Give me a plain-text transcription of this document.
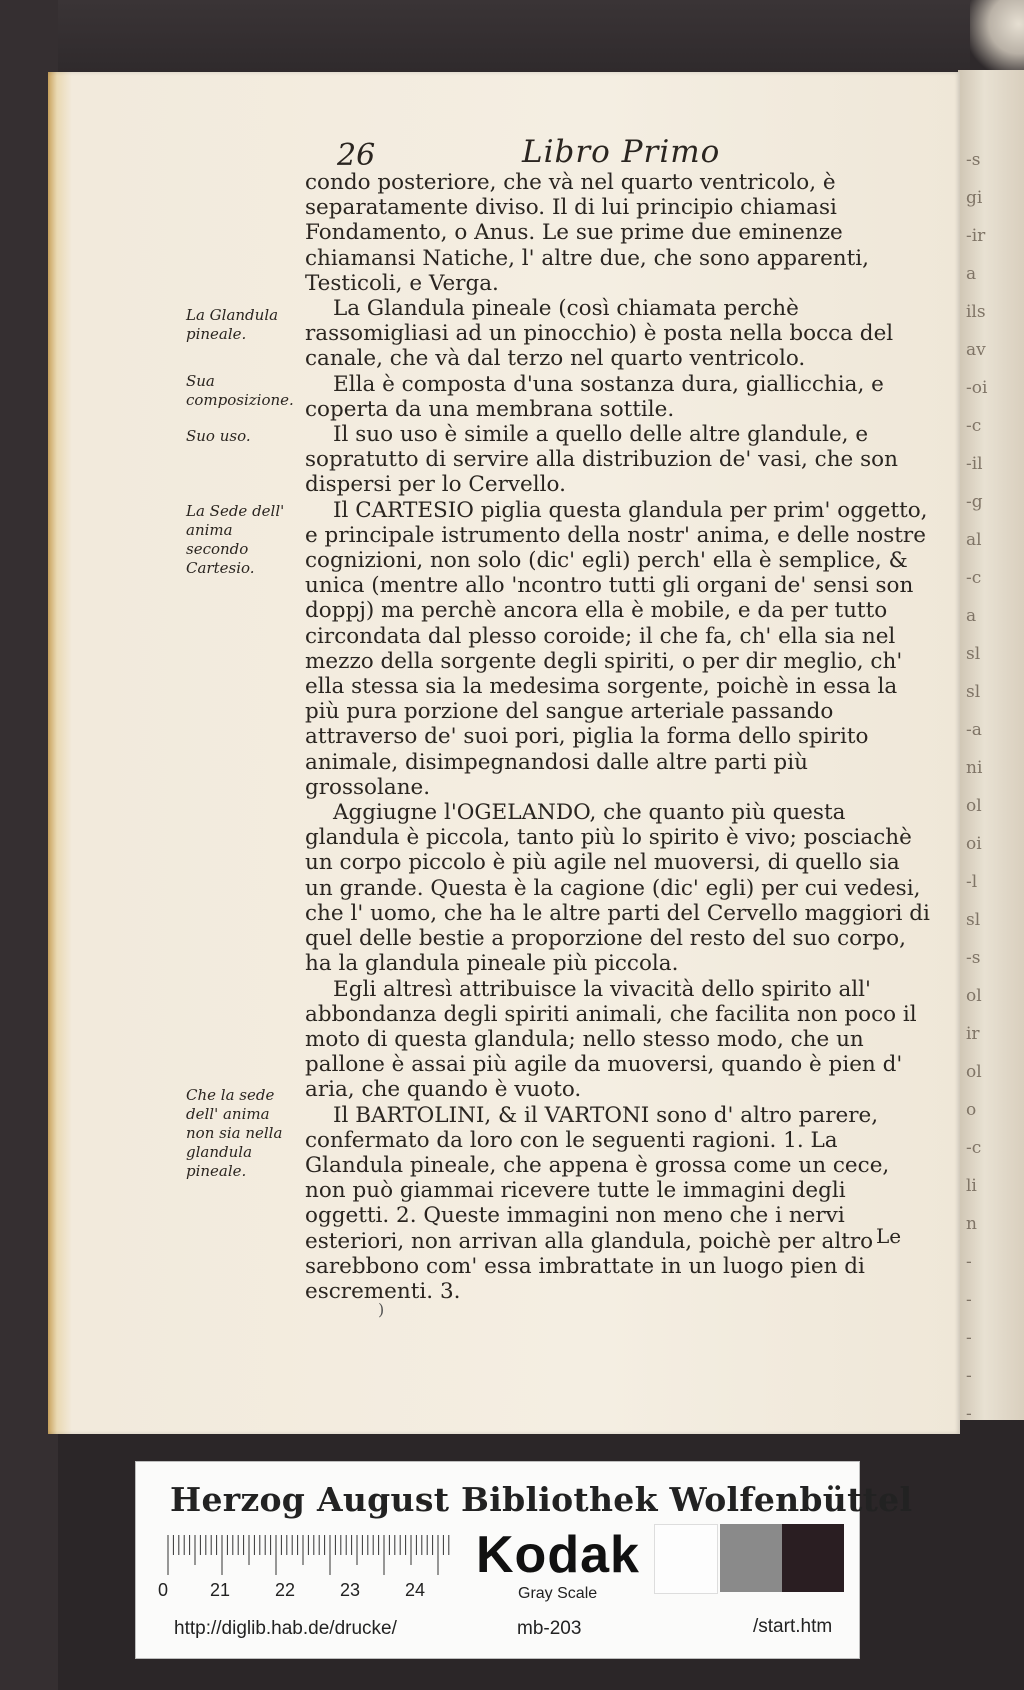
-s
gi
-ir
a
ils
av
-oi
-c
-il
-g
al
-c
a
sl
sl
-a
ni
ol
oi
-l
sl
-s
ol
ir
ol
o
-c
li
n
-
-
-
-
-
26	Libro Primo

condo posteriore, che và nel quarto ventricolo, è separatamente diviso. Il di lui principio chiamasi Fondamento, o Anus. Le sue prime due eminenze chiamansi Natiche, l' altre due, che sono apparenti, Testicoli, e Verga.

La Glandula pineale (così chiamata perchè rassomigliasi ad un pinocchio) è posta nella bocca del canale, che và dal terzo nel quarto ventricolo.

Ella è composta d'una sostanza dura, giallicchia, e coperta da una membrana sottile.

Il suo uso è simile a quello delle altre glandule, e sopratutto di servire alla distribuzion de' vasi, che son dispersi per lo Cervello.

Il CARTESIO piglia questa glandula per prim' oggetto, e principale istrumento della nostr' anima, e delle nostre cognizioni, non solo (dic' egli) perch' ella è semplice, & unica (mentre allo 'ncontro tutti gli organi de' sensi son doppj) ma perchè ancora ella è mobile, e da per tutto circondata dal plesso coroide; il che fa, ch' ella sia nel mezzo della sorgente degli spiriti, o per dir meglio, ch' ella stessa sia la medesima sorgente, poichè in essa la più pura porzione del sangue arteriale passando attraverso de' suoi pori, piglia la forma dello spirito animale, disimpegnandosi dalle altre parti più grossolane.

Aggiugne l'OGELANDO, che quanto più questa glandula è piccola, tanto più lo spirito è vivo; posciachè un corpo piccolo è più agile nel muoversi, di quello sia un grande. Questa è la cagione (dic' egli) per cui vedesi, che l' uomo, che ha le altre parti del Cervello maggiori di quel delle bestie a proporzione del resto del suo corpo, ha la glandula pineale più piccola.

Egli altresì attribuisce la vivacità dello spirito all' abbondanza degli spiriti animali, che facilita non poco il moto di questa glandula; nello stesso modo, che un pallone è assai più agile da muoversi, quando è pien d' aria, che quando è vuoto.

Il BARTOLINI, & il VARTONI sono d' altro parere, confermato da loro con le seguenti ragioni. 1. La Glandula pineale, che appena è grossa come un cece, non può giammai ricevere tutte le immagini degli oggetti. 2. Queste immagini non meno che i nervi esteriori, non arrivan alla glandula, poichè per altro sarebbono com' essa imbrattate in un luogo pien di escrementi. 3.

La Glandula pineale.
Sua composizione.
Suo uso.
La Sede dell' anima secondo Cartesio.
Che la sede dell' anima non sia nella glandula pineale.
Le
)
Herzog August Bibliothek Wolfenbüttel
0 21 22 23 24
Kodak
Gray Scale
http://diglib.hab.de/drucke/	mb-203	/start.htm
